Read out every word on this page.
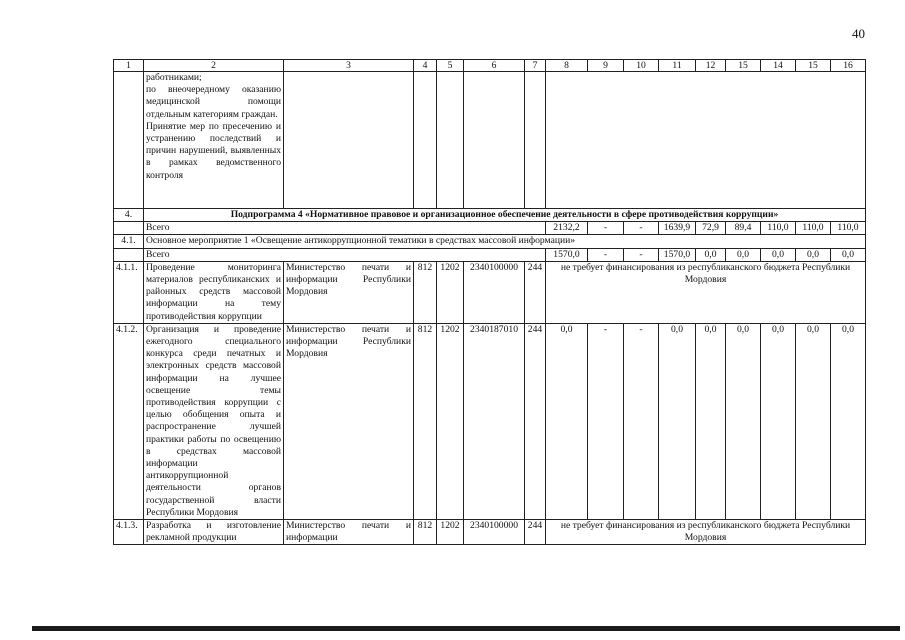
40
1	2	3	4	5	6	7	8	9	10	11	12	15	14	15	16
	работниками;
по внеочередному оказанию медицинской помощи отдельным категориям граждан.
Принятие мер по пресечению и устранению последствий и причин нарушений, выявленных в рамках ведомственного контроля														
4.	Подпрограмма 4 «Нормативное правовое и организационное обеспечение деятельности в сфере противодействия коррупции»														
	Всего						2132,2	-	-	1639,9	72,9	89,4	110,0	110,0	110,0
4.1.	Основное мероприятие 1 «Освещение антикоррупционной тематики в средствах массовой информации»														
	Всего						1570,0	-	-	1570,0	0,0	0,0	0,0	0,0	0,0
4.1.1.	Проведение мониторинга материалов республиканских и районных средств массовой информации на тему противодействия коррупции	Министерство печати и информации Республики Мордовия	812	1202	2340100000	244	не требует финансирования из республиканского бюджета Республики Мордовия								
4.1.2.	Организация и проведение ежегодного специального конкурса среди печатных и электронных средств массовой информации на лучшее освещение темы противодействия коррупции с целью обобщения опыта и распространение лучшей практики работы по освещению в средствах массовой информации антикоррупционной деятельности органов государственной власти Республики Мордовия	Министерство печати и информации Республики Мордовия	812	1202	2340187010	244	0,0	-	-	0,0	0,0	0,0	0,0	0,0	0,0
4.1.3.	Разработка и изготовление рекламной продукции	Министерство печати и информации	812	1202	2340100000	244	не требует финансирования из республиканского бюджета Республики Мордовия								
